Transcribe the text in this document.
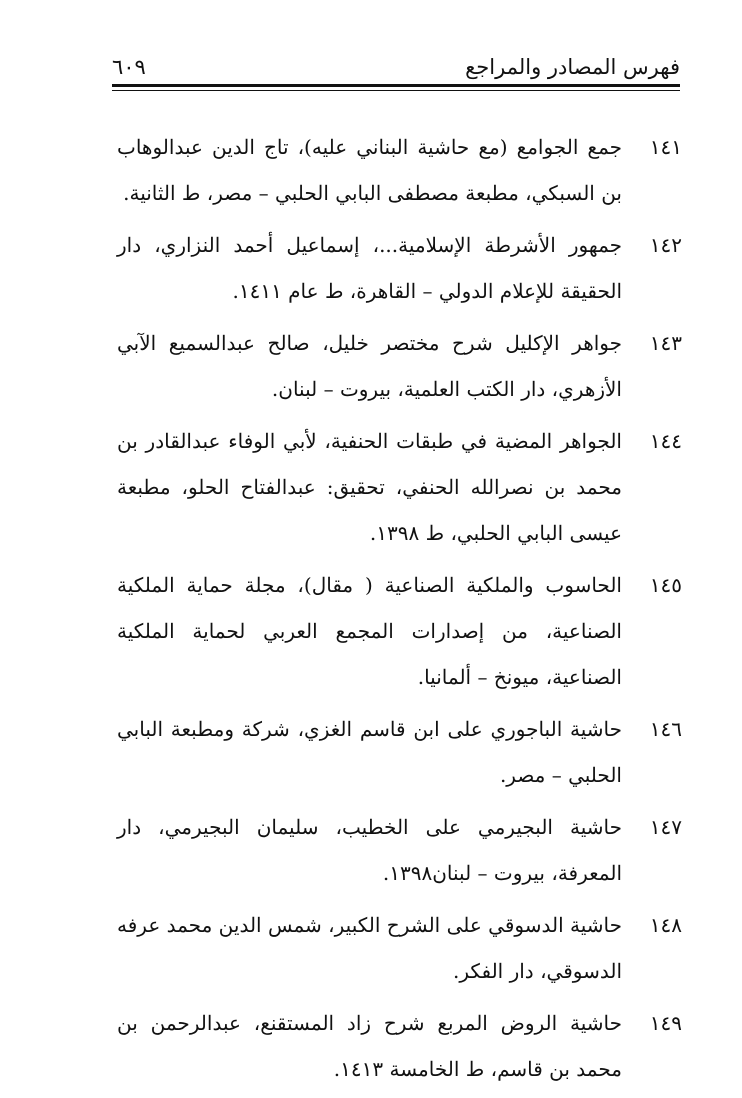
فهرس المصادر والمراجع
٦٠٩
١٤١
جمع الجوامع (مع حاشية البناني عليه)، تاج الدين عبدالوهاب بن السبكي، مطبعة مصطفى البابي الحلبي – مصر، ط الثانية.
١٤٢
جمهور الأشرطة الإسلامية...، إسماعيل أحمد النزاري، دار الحقيقة للإعلام الدولي – القاهرة، ط عام ١٤١١.
١٤٣
جواهر الإكليل شرح مختصر خليل، صالح عبدالسميع الآبي الأزهري، دار الكتب العلمية، بيروت – لبنان.
١٤٤
الجواهر المضية في طبقات الحنفية، لأبي الوفاء عبدالقادر بن محمد بن نصرالله الحنفي، تحقيق: عبدالفتاح الحلو، مطبعة عيسى البابي الحلبي، ط ١٣٩٨.
١٤٥
الحاسوب والملكية الصناعية ( مقال)، مجلة حماية الملكية الصناعية، من إصدارات المجمع العربي لحماية الملكية الصناعية، ميونخ – ألمانيا.
١٤٦
حاشية الباجوري على ابن قاسم الغزي، شركة ومطبعة البابي الحلبي – مصر.
١٤٧
حاشية البجيرمي على الخطيب، سليمان البجيرمي، دار المعرفة، بيروت – لبنان١٣٩٨.
١٤٨
حاشية الدسوقي على الشرح الكبير، شمس الدين محمد عرفه الدسوقي، دار الفكر.
١٤٩
حاشية الروض المربع شرح زاد المستقنع، عبدالرحمن بن محمد بن قاسم، ط الخامسة ١٤١٣.
